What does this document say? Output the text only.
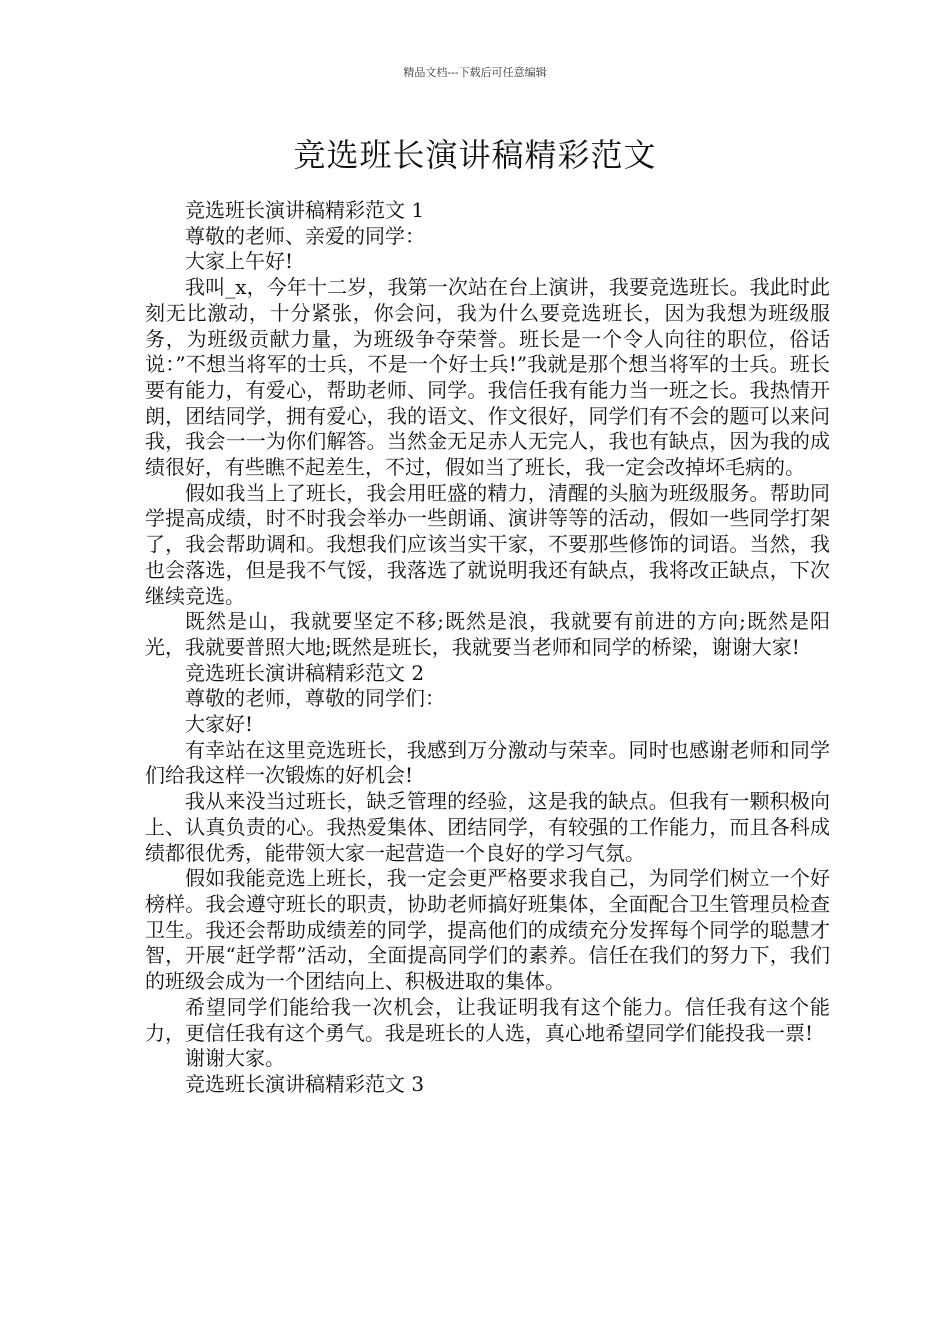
精品文档---下载后可任意编辑
竞选班长演讲稿精彩范文

竞选班长演讲稿精彩范文 1

尊敬的老师、亲爱的同学：

大家上午好!

我叫_x，今年十二岁，我第一次站在台上演讲，我要竞选班长。我此时此刻无比激动，十分紧张，你会问，我为什么要竞选班长，因为我想为班级服务，为班级贡献力量，为班级争夺荣誉。班长是一个令人向往的职位，俗话说：”不想当将军的士兵，不是一个好士兵!”我就是那个想当将军的士兵。班长要有能力，有爱心，帮助老师、同学。我信任我有能力当一班之长。我热情开朗，团结同学，拥有爱心，我的语文、作文很好，同学们有不会的题可以来问我，我会一一为你们解答。当然金无足赤人无完人，我也有缺点，因为我的成绩很好，有些瞧不起差生，不过，假如当了班长，我一定会改掉坏毛病的。

假如我当上了班长，我会用旺盛的精力，清醒的头脑为班级服务。帮助同学提高成绩，时不时我会举办一些朗诵、演讲等等的活动，假如一些同学打架了，我会帮助调和。我想我们应该当实干家，不要那些修饰的词语。当然，我也会落选，但是我不气馁，我落选了就说明我还有缺点，我将改正缺点，下次继续竞选。

既然是山，我就要坚定不移;既然是浪，我就要有前进的方向;既然是阳光，我就要普照大地;既然是班长，我就要当老师和同学的桥梁，谢谢大家!

竞选班长演讲稿精彩范文 2

尊敬的老师，尊敬的同学们：

大家好!

有幸站在这里竞选班长，我感到万分激动与荣幸。同时也感谢老师和同学们给我这样一次锻炼的好机会!

我从来没当过班长，缺乏管理的经验，这是我的缺点。但我有一颗积极向上、认真负责的心。我热爱集体、团结同学，有较强的工作能力，而且各科成绩都很优秀，能带领大家一起营造一个良好的学习气氛。

假如我能竞选上班长，我一定会更严格要求我自己，为同学们树立一个好榜样。我会遵守班长的职责，协助老师搞好班集体，全面配合卫生管理员检查卫生。我还会帮助成绩差的同学，提高他们的成绩充分发挥每个同学的聪慧才智，开展“赶学帮”活动，全面提高同学们的素养。信任在我们的努力下，我们的班级会成为一个团结向上、积极进取的集体。

希望同学们能给我一次机会，让我证明我有这个能力。信任我有这个能力，更信任我有这个勇气。我是班长的人选，真心地希望同学们能投我一票!

谢谢大家。

竞选班长演讲稿精彩范文 3
